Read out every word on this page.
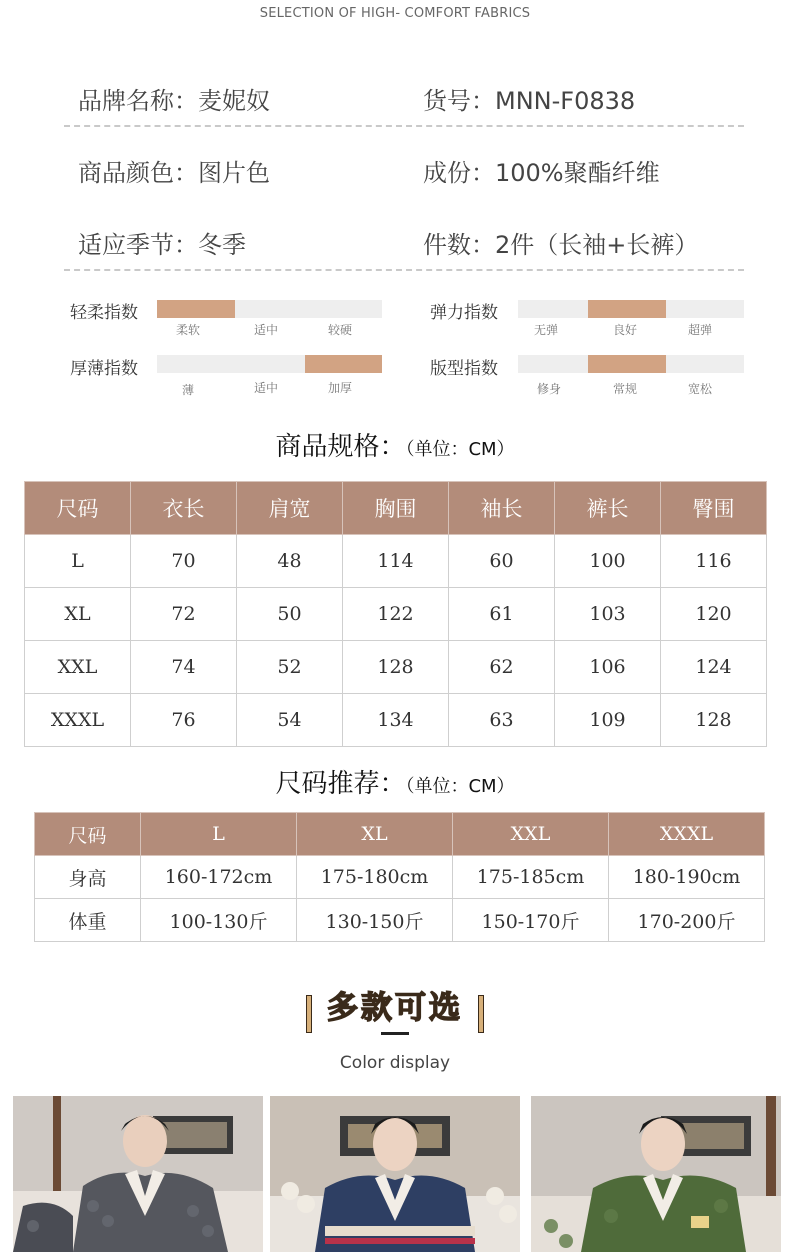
SELECTION OF HIGH- COMFORT FABRICS
品牌名称：麦妮奴	货号：MNN-F0838
商品颜色：图片色	成份：100%聚酯纤维
适应季节：冬季	件数：2件（长袖+长裤）
轻柔指数
柔软	适中	较硬
弹力指数
无弹	良好	超弹
厚薄指数
薄	适中	加厚
版型指数
修身	常规	宽松
商品规格：（单位：CM）
尺码	衣长	肩宽	胸围	袖长	裤长	臀围
L	70	48	114	60	100	116
XL	72	50	122	61	103	120
XXL	74	52	128	62	106	124
XXXL	76	54	134	63	109	128
尺码推荐：（单位：CM）
尺码	L	XL	XXL	XXXL
身高	160-172cm	175-180cm	175-185cm	180-190cm
体重	100-130斤	130-150斤	150-170斤	170-200斤
多款可选
Color display
